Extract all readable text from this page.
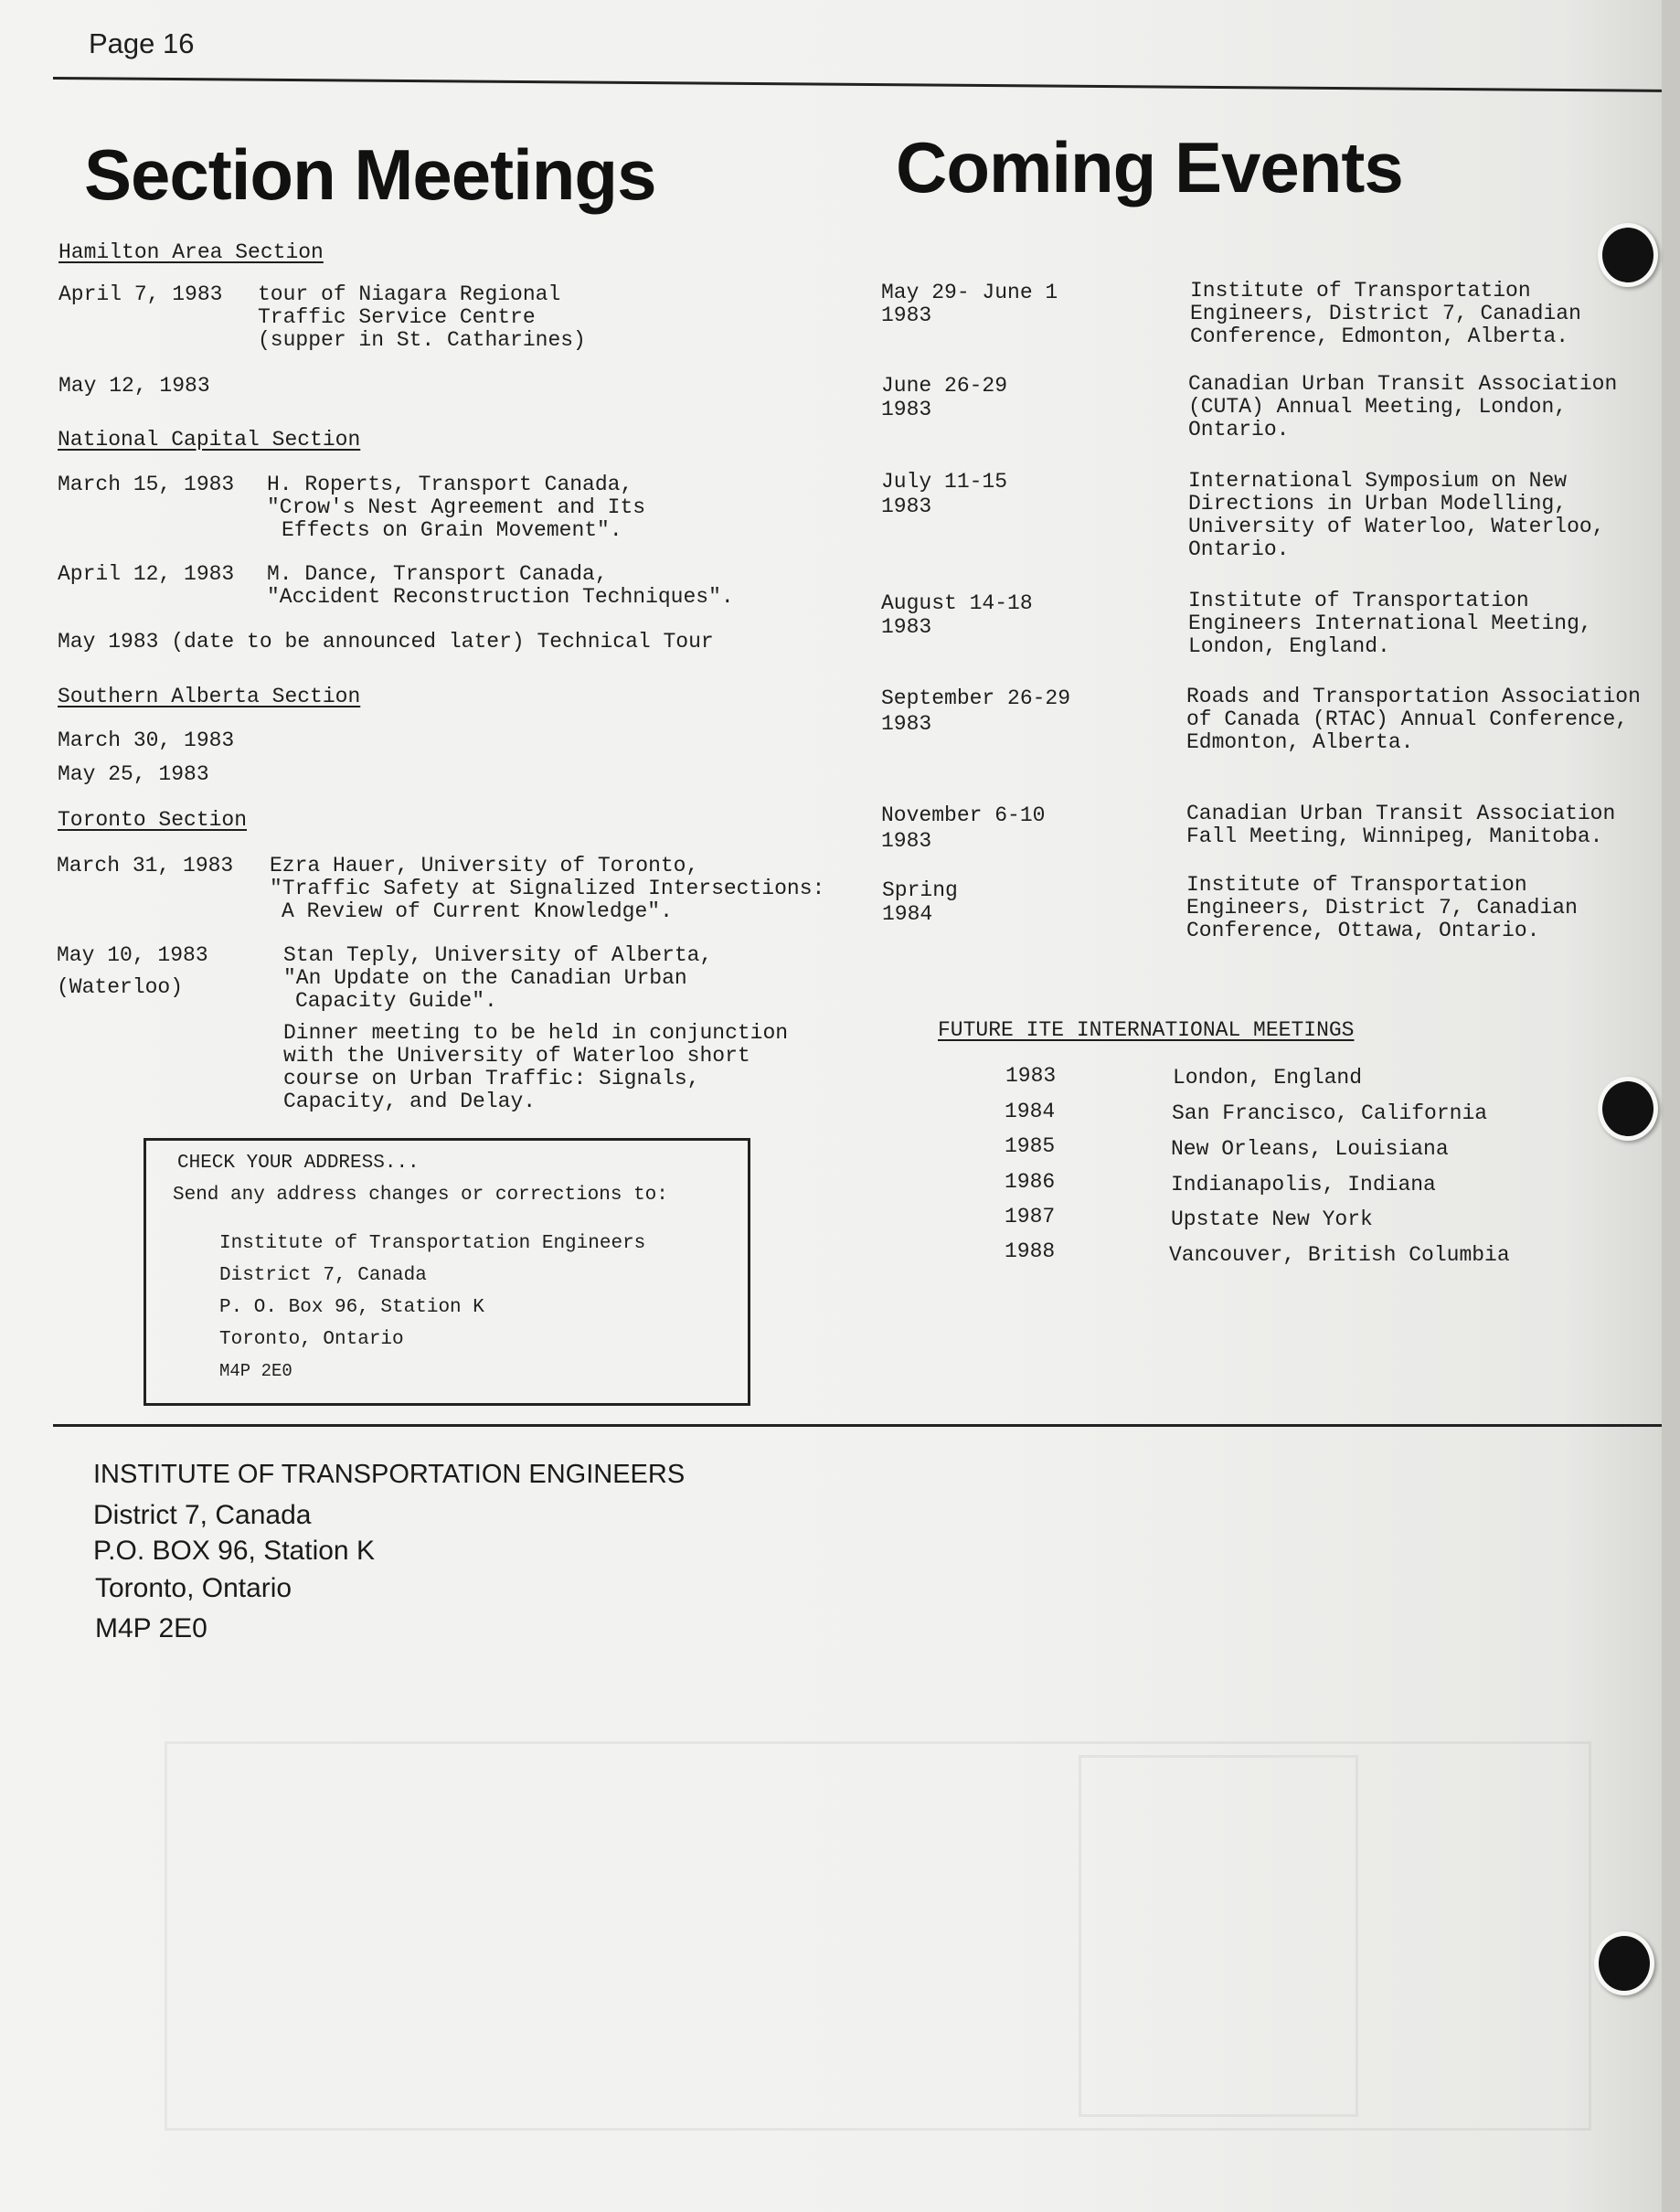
Page 16
Section Meetings
Hamilton Area Section
April 7, 1983 tour of Niagara Regional
Traffic Service Centre
(supper in St. Catharines)
May 12, 1983
National Capital Section
March 15, 1983 H. Roperts, Transport Canada,
"Crow's Nest Agreement and Its
Effects on Grain Movement".
April 12, 1983 M. Dance, Transport Canada,
"Accident Reconstruction Techniques".
May 1983 (date to be announced later) Technical Tour
Southern Alberta Section
March 30, 1983
May 25, 1983
Toronto Section
March 31, 1983 Ezra Hauer, University of Toronto,
"Traffic Safety at Signalized Intersections:
A Review of Current Knowledge".
May 10, 1983
(Waterloo)
Stan Teply, University of Alberta,
"An Update on the Canadian Urban
Capacity Guide".
Dinner meeting to be held in conjunction
with the University of Waterloo short
course on Urban Traffic: Signals,
Capacity, and Delay.
CHECK YOUR ADDRESS...
Send any address changes or corrections to:
Institute of Transportation Engineers
District 7, Canada
P. O. Box 96, Station K
Toronto, Ontario
M4P 2E0
Coming Events
May 29- June 1
1983
Institute of Transportation
Engineers, District 7, Canadian
Conference, Edmonton, Alberta.
June 26-29
1983
Canadian Urban Transit Association
(CUTA) Annual Meeting, London,
Ontario.
July 11-15
1983
International Symposium on New
Directions in Urban Modelling,
University of Waterloo, Waterloo,
Ontario.
August 14-18
1983
Institute of Transportation
Engineers International Meeting,
London, England.
September 26-29
1983
Roads and Transportation Association
of Canada (RTAC) Annual Conference,
Edmonton, Alberta.
November 6-10
1983
Canadian Urban Transit Association
Fall Meeting, Winnipeg, Manitoba.
Spring
1984
Institute of Transportation
Engineers, District 7, Canadian
Conference, Ottawa, Ontario.
FUTURE ITE INTERNATIONAL MEETINGS
1983	London, England
1984	San Francisco, California
1985	New Orleans, Louisiana
1986	Indianapolis, Indiana
1987	Upstate New York
1988	Vancouver, British Columbia
INSTITUTE OF TRANSPORTATION ENGINEERS
District 7, Canada
P.O. BOX 96, Station K
Toronto, Ontario
M4P 2E0
